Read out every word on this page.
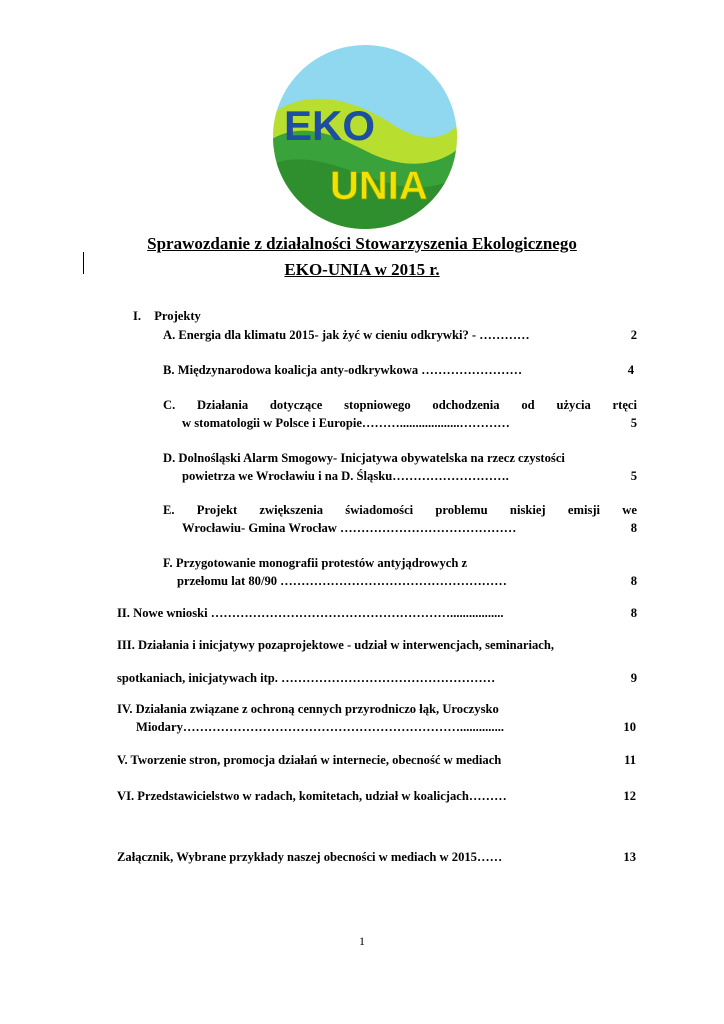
EKO
UNIA
Sprawozdanie z działalności Stowarzyszenia Ekologicznego
EKO-UNIA w 2015 r.
I. Projekty
A. Energia dla klimatu 2015- jak żyć w cieniu odkrywki? - …………	2
B. Międzynarodowa koalicja anty-odkrywkowa ……………………	4
C. Działania dotyczące stopniowego odchodzenia od użycia rtęci
w stomatologii w Polsce i Europie………...................…………	5
D. Dolnośląski Alarm Smogowy- Inicjatywa obywatelska na rzecz czystości
powietrza we Wrocławiu i na D. Śląsku……………………….	5
E. Projekt zwiększenia świadomości problemu niskiej emisji we
Wrocławiu- Gmina Wrocław ……………………………………	8
F. Przygotowanie monografii protestów antyjądrowych z
przełomu lat 80/90 ………………………………………………	8
II. Nowe wnioski ………………………………………………….................	8
III. Działania i inicjatywy pozaprojektowe - udział w interwencjach, seminariach,
spotkaniach, inicjatywach itp. ……………………………………………	9
IV. Działania związane z ochroną cennych przyrodniczo łąk, Uroczysko
Miodary…………………………………………………………..............	10
V. Tworzenie stron, promocja działań w internecie, obecność w mediach	11
VI. Przedstawicielstwo w radach, komitetach, udział w koalicjach………	12
Załącznik, Wybrane przykłady naszej obecności w mediach w 2015……	13
1
